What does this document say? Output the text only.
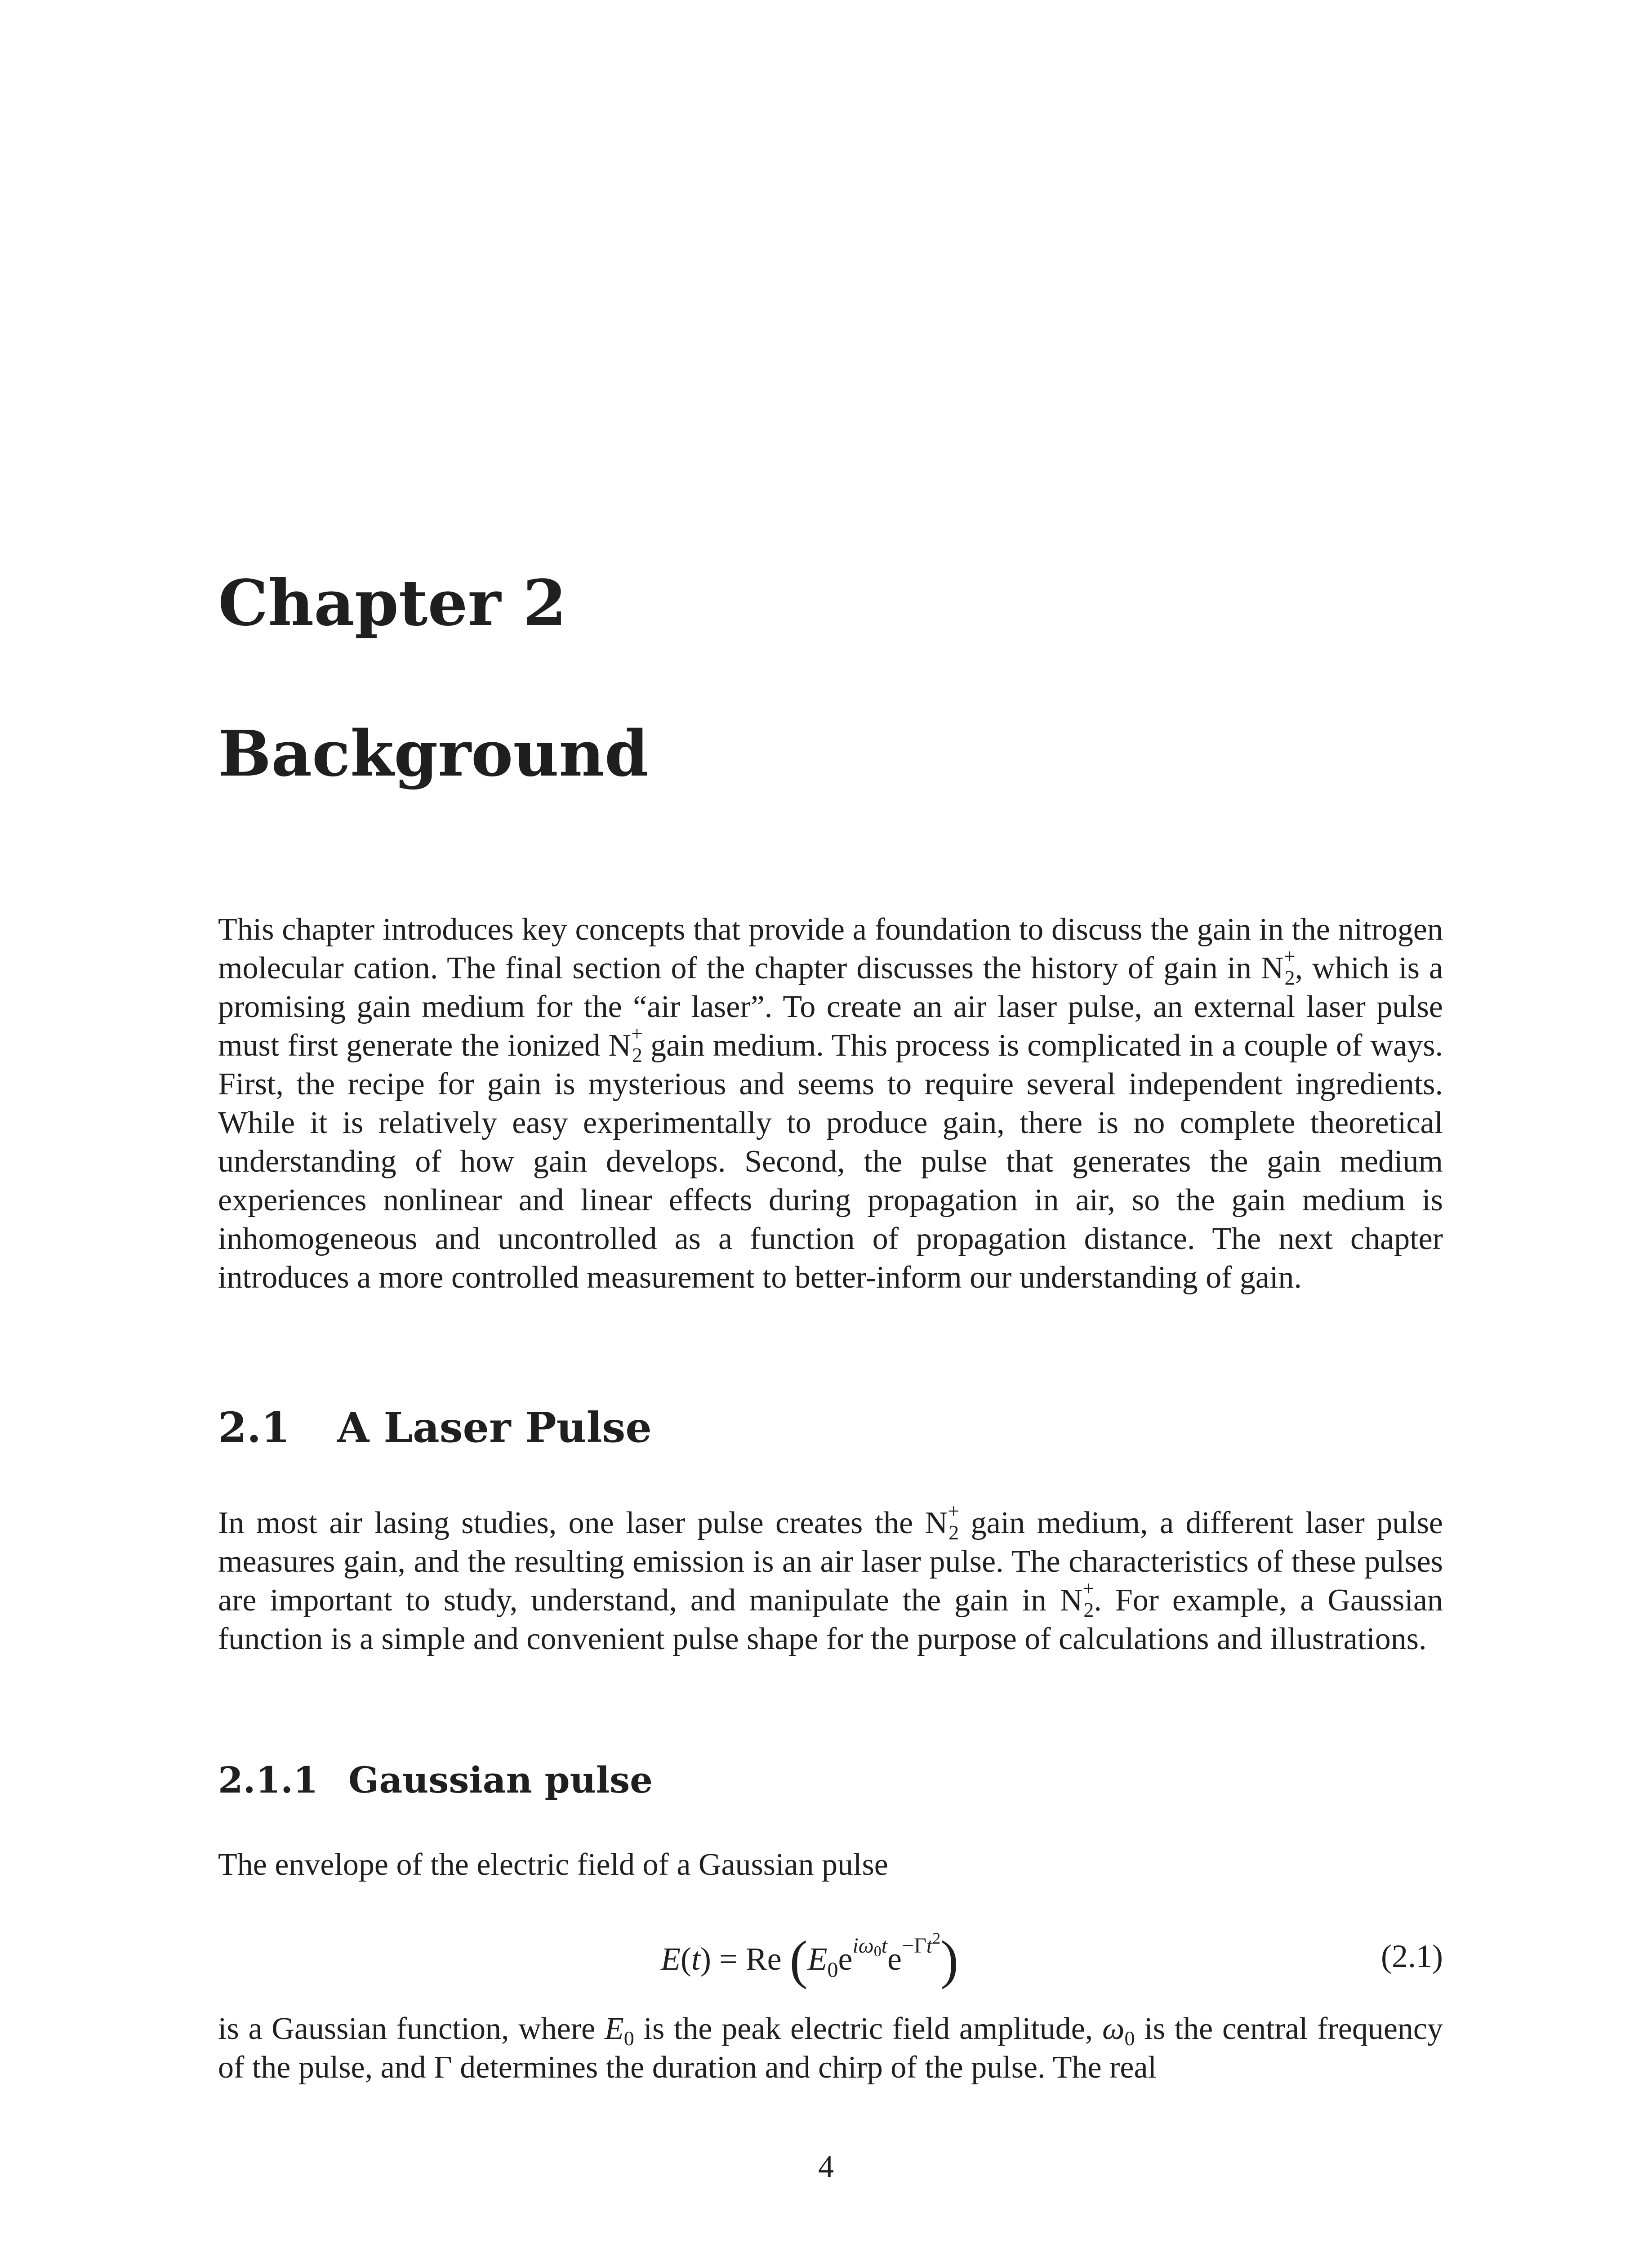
Chapter 2
Background
This chapter introduces key concepts that provide a foundation to discuss the gain in the nitrogen molecular cation. The final section of the chapter discusses the history of gain in $N^+_2$, which is a promising gain medium for the “air laser”. To create an air laser pulse, an external laser pulse must first generate the ionized $N^+_2$ gain medium. This process is complicated in a couple of ways. First, the recipe for gain is mysterious and seems to require several independent ingredients. While it is relatively easy experimentally to produce gain, there is no complete theoretical understanding of how gain develops. Second, the pulse that generates the gain medium experiences nonlinear and linear effects during propagation in air, so the gain medium is inhomogeneous and uncontrolled as a function of propagation distance. The next chapter introduces a more controlled measurement to better-inform our understanding of gain.
2.1 A Laser Pulse
In most air lasing studies, one laser pulse creates the $N^+_2$ gain medium, a different laser pulse measures gain, and the resulting emission is an air laser pulse. The characteristics of these pulses are important to study, understand, and manipulate the gain in $N^+_2$. For example, a Gaussian function is a simple and convenient pulse shape for the purpose of calculations and illustrations.
2.1.1 Gaussian pulse
The envelope of the electric field of a Gaussian pulse
E(t) = Re $(E_0e^{i\omega_0t}e^{-\Gamma t^2})$	(2.1)
is a Gaussian function, where $E_0$ is the peak electric field amplitude, $\omega_0$ is the central frequency of the pulse, and Γ determines the duration and chirp of the pulse. The real
4
